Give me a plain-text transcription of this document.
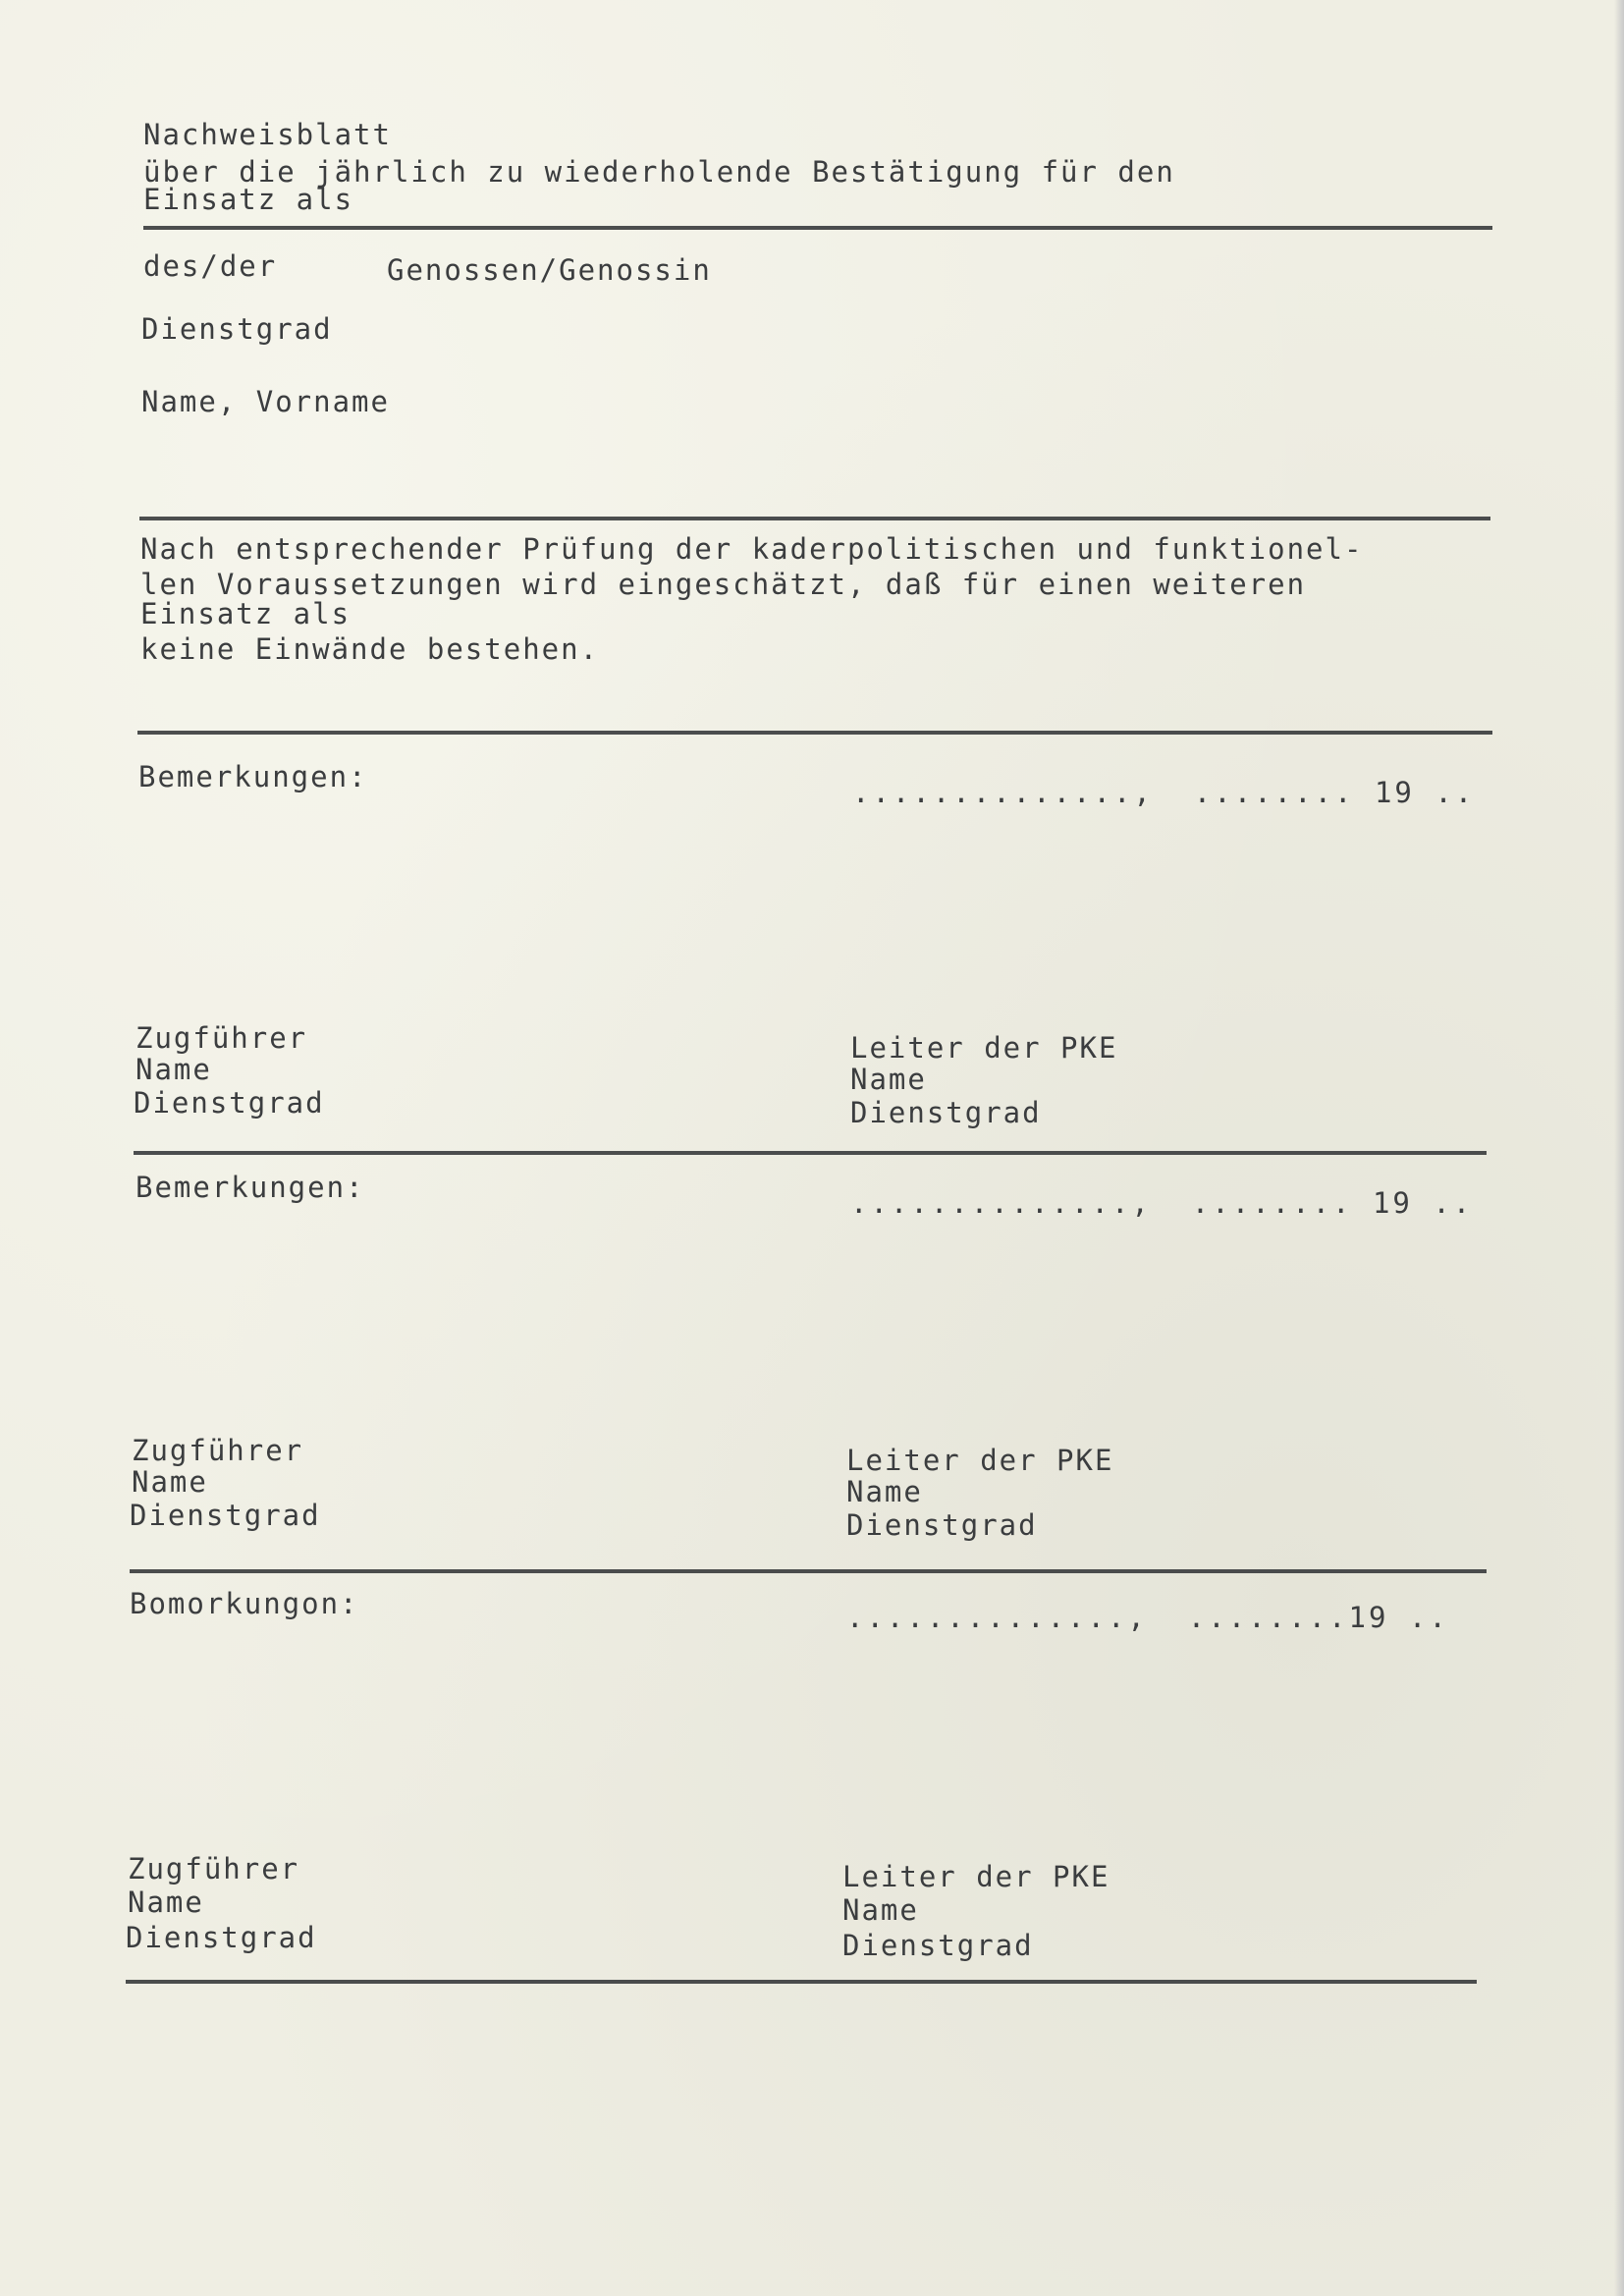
Nachweisblatt
über die jährlich zu wiederholende Bestätigung für den
Einsatz als
des/der	Genossen/Genossin
Dienstgrad
Name, Vorname
Nach entsprechender Prüfung der kaderpolitischen und funktionel-
len Voraussetzungen wird eingeschätzt, daß für einen weiteren
Einsatz als
keine Einwände bestehen.
Bemerkungen:	..............,  ........ 19 ..
Zugführer
Name
Dienstgrad
Leiter der PKE
Name
Dienstgrad
Bemerkungen:	..............,  ........ 19 ..
Zugführer
Name
Dienstgrad
Leiter der PKE
Name
Dienstgrad
Bomorkungon:	..............,  ........19 ..
Zugführer
Name
Dienstgrad
Leiter der PKE
Name
Dienstgrad
